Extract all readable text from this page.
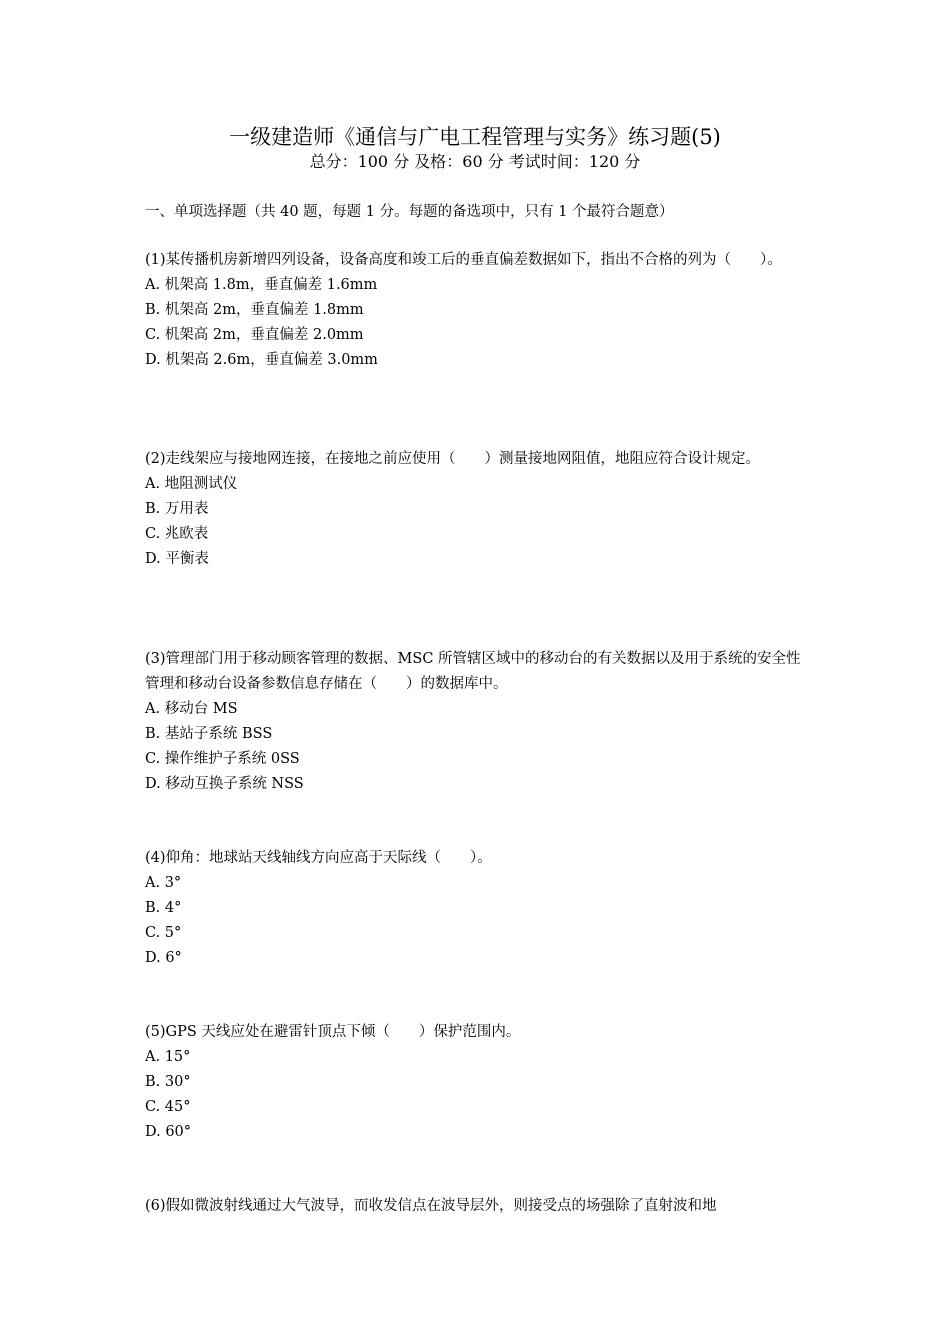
一级建造师《通信与广电工程管理与实务》练习题(5)
总分：100 分 及格：60 分 考试时间：120 分
一、单项选择题（共 40 题，每题 1 分。每题的备选项中，只有 1 个最符合题意）
(1)某传播机房新增四列设备，设备高度和竣工后的垂直偏差数据如下，指出不合格的列为（　　）。
A. 机架高 1.8m，垂直偏差 1.6mm
B. 机架高 2m，垂直偏差 1.8mm
C. 机架高 2m，垂直偏差 2.0mm
D. 机架高 2.6m，垂直偏差 3.0mm
(2)走线架应与接地网连接，在接地之前应使用（　　）测量接地网阻值，地阻应符合设计规定。
A. 地阻测试仪
B. 万用表
C. 兆欧表
D. 平衡表
(3)管理部门用于移动顾客管理的数据、MSC 所管辖区域中的移动台的有关数据以及用于系统的安全性管理和移动台设备参数信息存储在（　　）的数据库中。
A. 移动台 MS
B. 基站子系统 BSS
C. 操作维护子系统 0SS
D. 移动互换子系统 NSS
(4)仰角：地球站天线轴线方向应高于天际线（　　）。
A. 3°
B. 4°
C. 5°
D. 6°
(5)GPS 天线应处在避雷针顶点下倾（　　）保护范围内。
A. 15°
B. 30°
C. 45°
D. 60°
(6)假如微波射线通过大气波导，而收发信点在波导层外，则接受点的场强除了直射波和地
